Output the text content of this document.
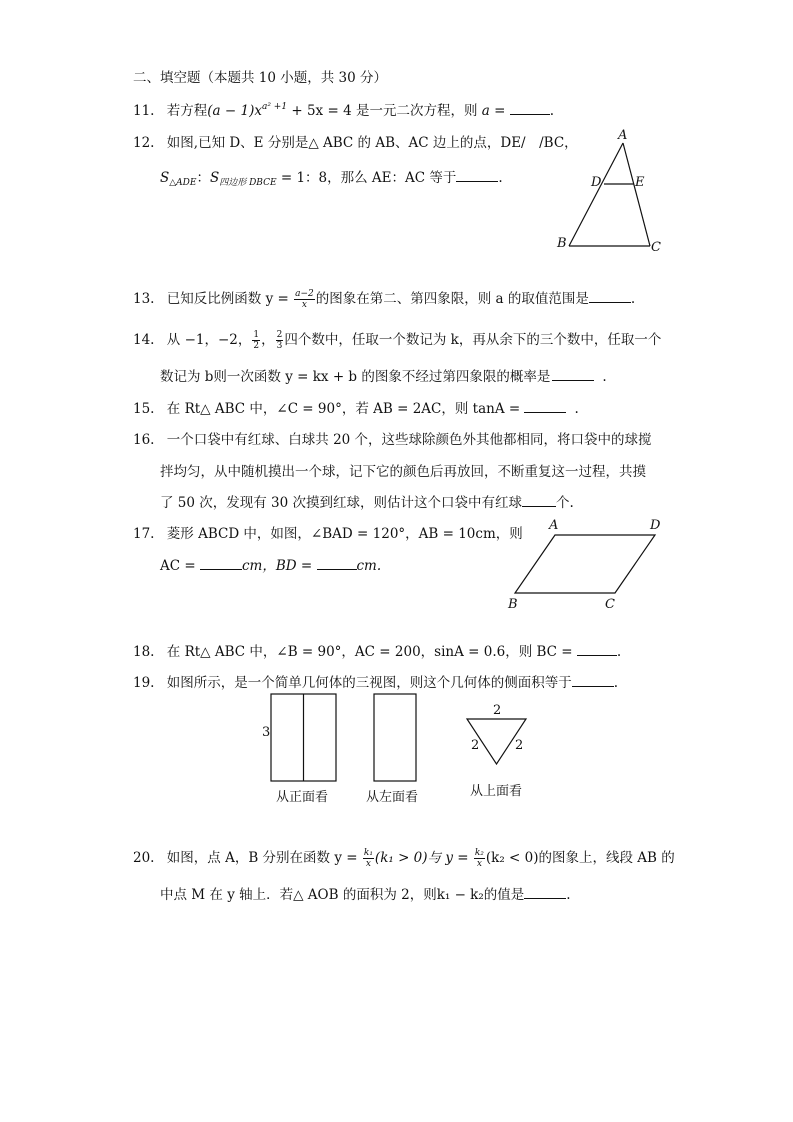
二、填空题（本题共 10 小题，共 30 分）
11. 若方程$(a - 1)x^{a^2 +1} + 5x = 4$ 是一元二次方程，则 a =	.
12. 如图,已知 D、E 分别是△ ABC 的 AB、AC 边上的点，DE/　/BC，
$S_{\triangle ADE}$：$S_{四边形 DBCE} = 1$：8，那么 AE：AC 等于	.
A
D	E
B	C
13. 已知反比例函数 $y = \frac{a-2}{x}$ 的图象在第二、第四象限，则 a 的取值范围是	.
14. 从 −1，−2， $\frac{1}{2}$ ， $\frac{2}{3}$ 四个数中，任取一个数记为 k，再从余下的三个数中，任取一个
数记为 b则一次函数 y = kx + b 的图象不经过第四象限的概率是	.
15. 在 Rt△ ABC 中，∠C = 90°，若 AB = 2AC，则 tanA =	.
16. 一个口袋中有红球、白球共 20 个，这些球除颜色外其他都相同，将口袋中的球搅
拌均匀，从中随机摸出一个球，记下它的颜色后再放回，不断重复这一过程，共摸
了 50 次，发现有 30 次摸到红球，则估计这个口袋中有红球	个.
17. 菱形 ABCD 中，如图，∠BAD = 120°，AB = 10cm，则
AC =	cm，BD =	cm.
A	D
B	C
18. 在 Rt△ ABC 中，∠B = 90°，AC = 200，sinA = 0.6，则 BC =	.
19. 如图所示，是一个简单几何体的三视图，则这个几何体的侧面积等于	.
3
从正面看	从左面看
2
2	2
从上面看
20. 如图，点 A，B 分别在函数 $y = \frac{\text{k₁}}{x} (k_1 > 0)$与 $y = \frac{\text{k₂}}{x} (k_2 < 0)$的图象上，线段 AB 的
中点 M 在 y 轴上．若△ AOB 的面积为 2，则k₁ − k₂的值是	.
